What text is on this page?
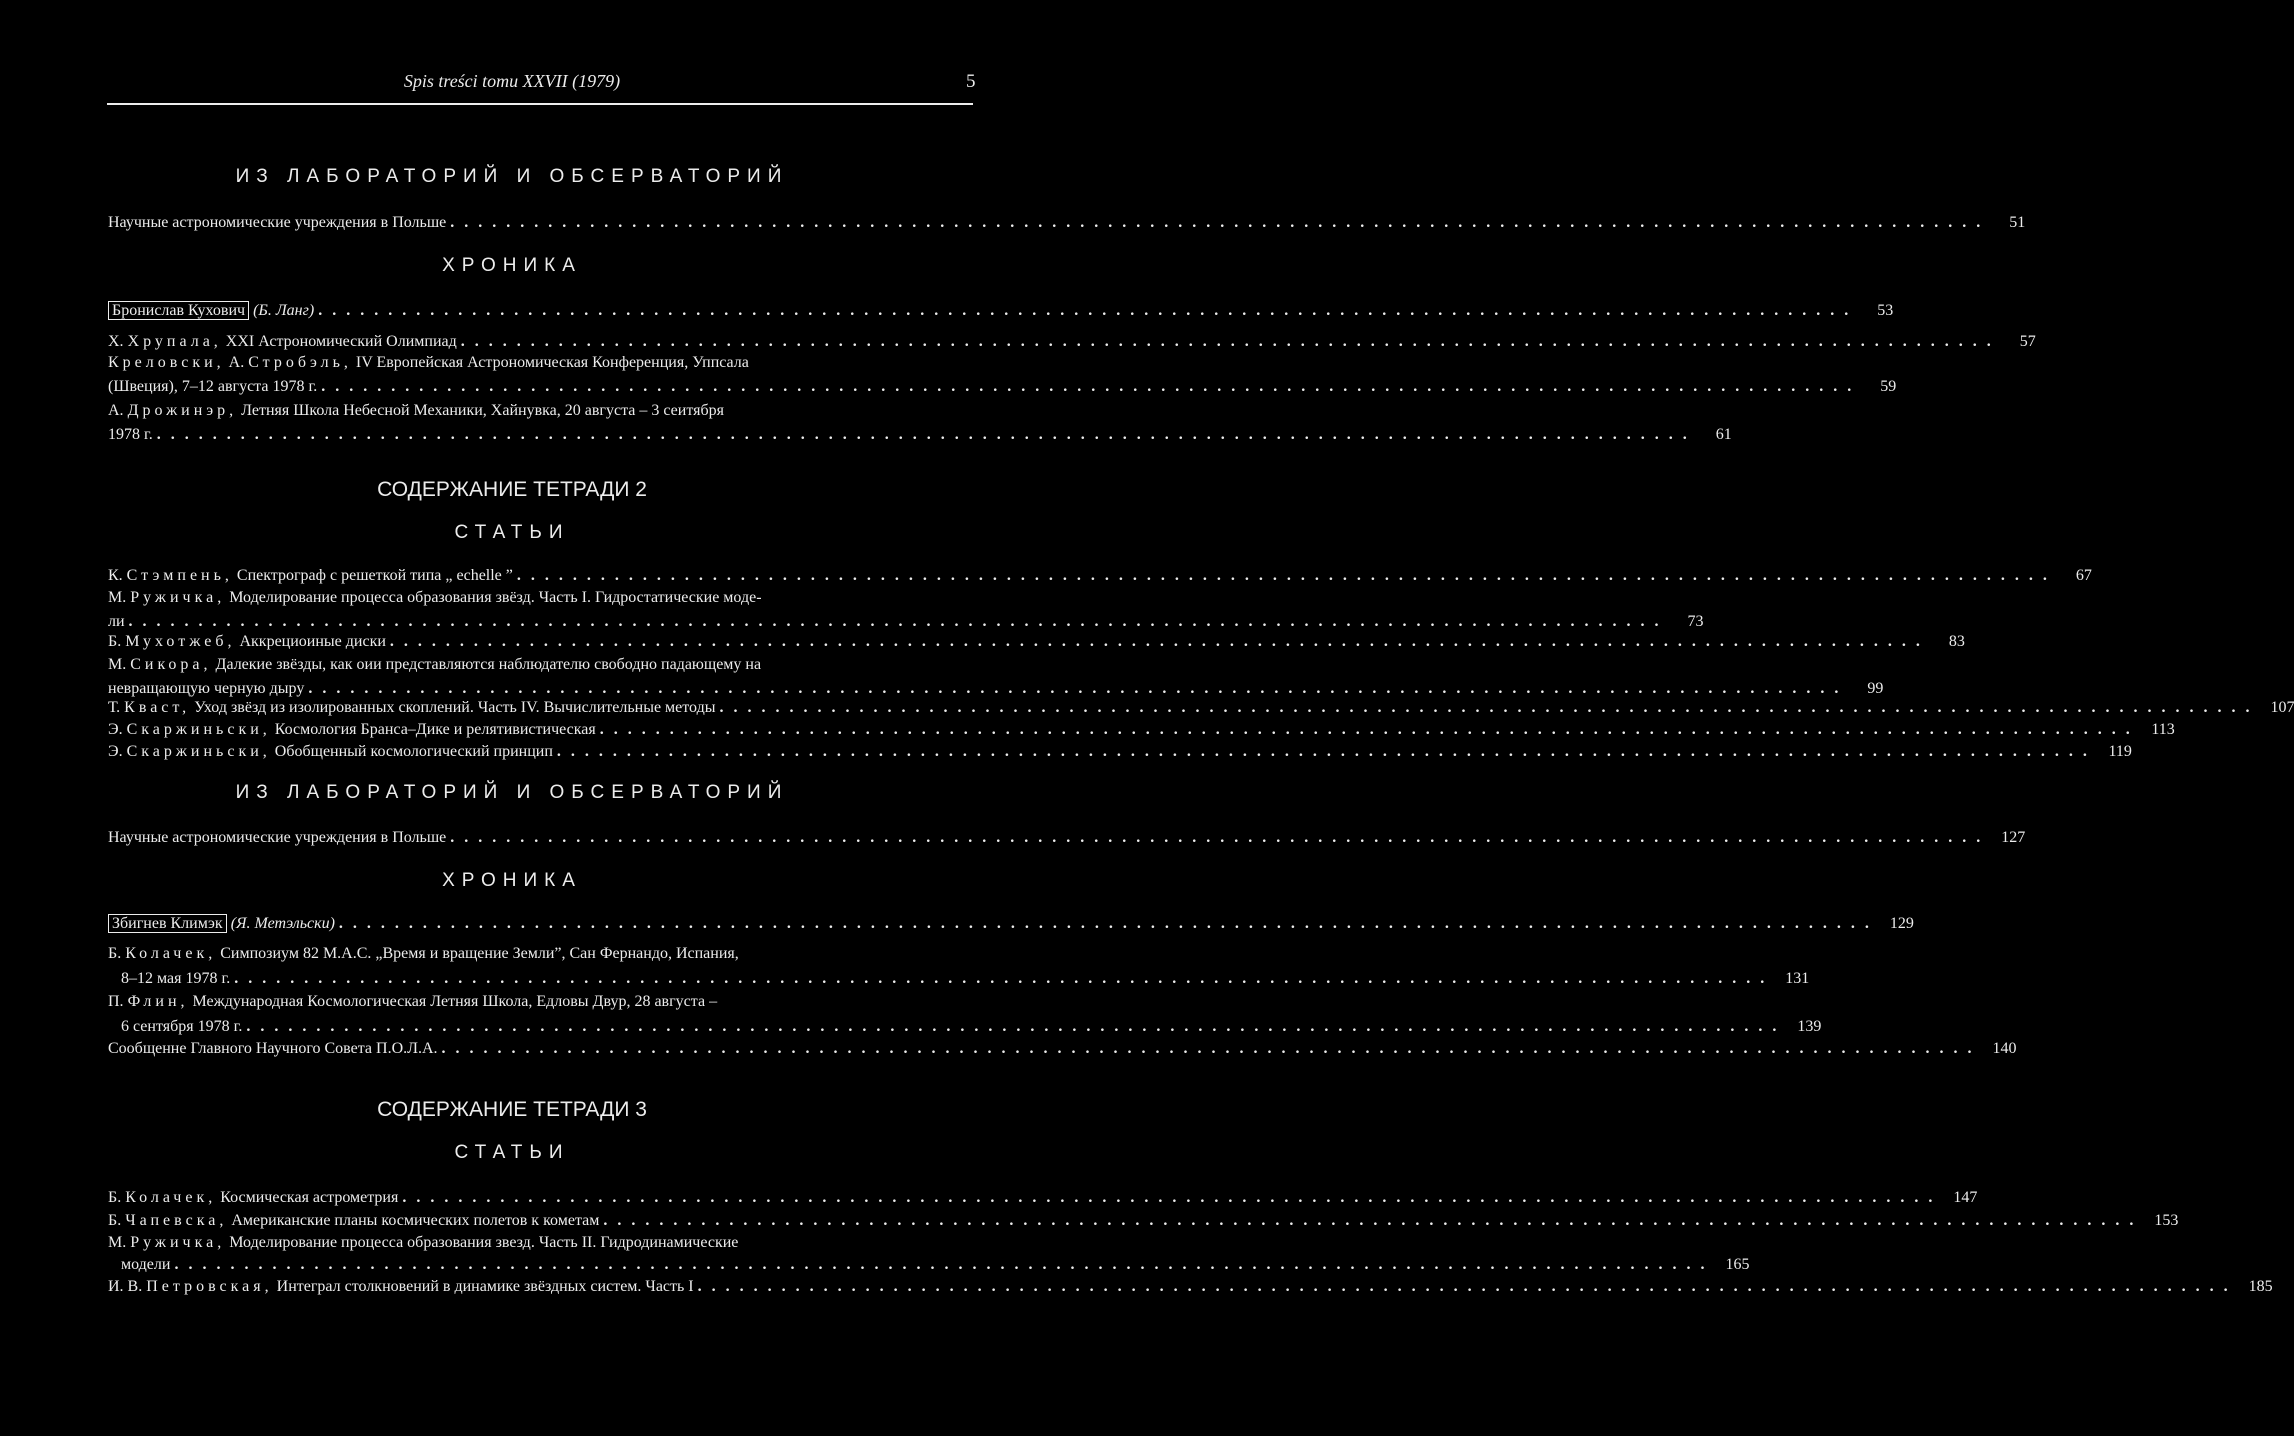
Spis treści tomu XXVII (1979)	5
ИЗ ЛАБОРАТОРИЙ И ОБСЕРВАТОРИЙ
Научные астрономические учреждения в Польше . . . . . . . . . . . . . . . . . . . . . . . . . . . . . . . . . . . . . . . . . . . . . . . . . . . . . . . . . . . . . . . . . . . . . . . . . . . . . . . . . . . . . . . . . . . . . . . . . . . . . . . . . . . . . .	51
ХРОНИКА
Бронислав Кухович (Б. Ланг) . . . . . . . . . . . . . . . . . . . . . . . . . . . . . . . . . . . . . . . . . . . . . . . . . . . . . . . . . . . . . . . . . . . . . . . . . . . . . . . . . . . . . . . . . . . . . . . . . . . . . . . . . . . . . .	53
Х. Хрупала, XXI Астрономический Олимпиад . . . . . . . . . . . . . . . . . . . . . . . . . . . . . . . . . . . . . . . . . . . . . . . . . . . . . . . . . . . . . . . . . . . . . . . . . . . . . . . . . . . . . . . . . . . . . . . . . . . . . . . . . . . . . .	57
Креловски, А. Стробэль, IV Европейская Астрономическая Конференция, Уппсала
(Швеция), 7–12 августа 1978 г. . . . . . . . . . . . . . . . . . . . . . . . . . . . . . . . . . . . . . . . . . . . . . . . . . . . . . . . . . . . . . . . . . . . . . . . . . . . . . . . . . . . . . . . . . . . . . . . . . . . . . . . . . . . . . .	59
А. Дрожинэр, Летняя Школа Небесной Механики, Хайнувка, 20 августа – 3 сеитября
1978 г. . . . . . . . . . . . . . . . . . . . . . . . . . . . . . . . . . . . . . . . . . . . . . . . . . . . . . . . . . . . . . . . . . . . . . . . . . . . . . . . . . . . . . . . . . . . . . . . . . . . . . . . . . . . . . .	61
СОДЕРЖАНИЕ ТЕТРАДИ 2
СТАТЬИ
К. Стэмпень, Спектрограф с решеткой типа „ echelle ” . . . . . . . . . . . . . . . . . . . . . . . . . . . . . . . . . . . . . . . . . . . . . . . . . . . . . . . . . . . . . . . . . . . . . . . . . . . . . . . . . . . . . . . . . . . . . . . . . . . . . . . . . . . . . .	67
М. Ружичка, Моделирование процесса образования звёзд. Часть I. Гидростатические моде-
ли . . . . . . . . . . . . . . . . . . . . . . . . . . . . . . . . . . . . . . . . . . . . . . . . . . . . . . . . . . . . . . . . . . . . . . . . . . . . . . . . . . . . . . . . . . . . . . . . . . . . . . . . . . . . . .	73
Б. Мухотжеб, Аккрециоиные диски . . . . . . . . . . . . . . . . . . . . . . . . . . . . . . . . . . . . . . . . . . . . . . . . . . . . . . . . . . . . . . . . . . . . . . . . . . . . . . . . . . . . . . . . . . . . . . . . . . . . . . . . . . . . . .	83
М. Сикора, Далекие звёзды, как оии представляются наблюдателю свободно падающему на
невращающую черную дыру . . . . . . . . . . . . . . . . . . . . . . . . . . . . . . . . . . . . . . . . . . . . . . . . . . . . . . . . . . . . . . . . . . . . . . . . . . . . . . . . . . . . . . . . . . . . . . . . . . . . . . . . . . . . . .	99
Т. Кваст, Уход звёзд из изолированных скоплений. Часть IV. Вычислительные методы . . . . . . . . . . . . . . . . . . . . . . . . . . . . . . . . . . . . . . . . . . . . . . . . . . . . . . . . . . . . . . . . . . . . . . . . . . . . . . . . . . . . . . . . . . . . . . . . . . . . . . . . . . . . . .	107
Э. Скаржиньски, Космология Бранса–Дике и релятивистическая . . . . . . . . . . . . . . . . . . . . . . . . . . . . . . . . . . . . . . . . . . . . . . . . . . . . . . . . . . . . . . . . . . . . . . . . . . . . . . . . . . . . . . . . . . . . . . . . . . . . . . . . . . . . . .	113
Э. Скаржиньски, Обобщенный космологический принцип . . . . . . . . . . . . . . . . . . . . . . . . . . . . . . . . . . . . . . . . . . . . . . . . . . . . . . . . . . . . . . . . . . . . . . . . . . . . . . . . . . . . . . . . . . . . . . . . . . . . . . . . . . . . . .	119
ИЗ ЛАБОРАТОРИЙ И ОБСЕРВАТОРИЙ
Научные астрономические учреждения в Польше . . . . . . . . . . . . . . . . . . . . . . . . . . . . . . . . . . . . . . . . . . . . . . . . . . . . . . . . . . . . . . . . . . . . . . . . . . . . . . . . . . . . . . . . . . . . . . . . . . . . . . . . . . . . . .	127
ХРОНИКА
Збигнев Климэк (Я. Метэльски) . . . . . . . . . . . . . . . . . . . . . . . . . . . . . . . . . . . . . . . . . . . . . . . . . . . . . . . . . . . . . . . . . . . . . . . . . . . . . . . . . . . . . . . . . . . . . . . . . . . . . . . . . . . . . .	129
Б. Колачек, Симпозиум 82 М.А.С. „Время и вращение Земли”, Сан Фернандо, Испания,
8–12 мая 1978 г. . . . . . . . . . . . . . . . . . . . . . . . . . . . . . . . . . . . . . . . . . . . . . . . . . . . . . . . . . . . . . . . . . . . . . . . . . . . . . . . . . . . . . . . . . . . . . . . . . . . . . . . . . . . . . .	131
П. Флин, Международная Космологическая Летняя Школа, Едловы Двур, 28 августа –
6 сентября 1978 г. . . . . . . . . . . . . . . . . . . . . . . . . . . . . . . . . . . . . . . . . . . . . . . . . . . . . . . . . . . . . . . . . . . . . . . . . . . . . . . . . . . . . . . . . . . . . . . . . . . . . . . . . . . . . . .	139
Сообщенне Главного Научного Совета П.О.Л.А. . . . . . . . . . . . . . . . . . . . . . . . . . . . . . . . . . . . . . . . . . . . . . . . . . . . . . . . . . . . . . . . . . . . . . . . . . . . . . . . . . . . . . . . . . . . . . . . . . . . . . . . . . . . . . .	140
СОДЕРЖАНИЕ ТЕТРАДИ 3
СТАТЬИ
Б. Колачек, Космическая астрометрия . . . . . . . . . . . . . . . . . . . . . . . . . . . . . . . . . . . . . . . . . . . . . . . . . . . . . . . . . . . . . . . . . . . . . . . . . . . . . . . . . . . . . . . . . . . . . . . . . . . . . . . . . . . . . .	147
Б. Чапевска, Американские планы космических полетов к кометам . . . . . . . . . . . . . . . . . . . . . . . . . . . . . . . . . . . . . . . . . . . . . . . . . . . . . . . . . . . . . . . . . . . . . . . . . . . . . . . . . . . . . . . . . . . . . . . . . . . . . . . . . . . . . .	153
М. Ружичка, Моделирование процесса образования звезд. Часть II. Гидродинамические
модели . . . . . . . . . . . . . . . . . . . . . . . . . . . . . . . . . . . . . . . . . . . . . . . . . . . . . . . . . . . . . . . . . . . . . . . . . . . . . . . . . . . . . . . . . . . . . . . . . . . . . . . . . . . . . .	165
И. В. Петровская, Интеграл столкновений в динамике звёздных систем. Часть I . . . . . . . . . . . . . . . . . . . . . . . . . . . . . . . . . . . . . . . . . . . . . . . . . . . . . . . . . . . . . . . . . . . . . . . . . . . . . . . . . . . . . . . . . . . . . . . . . . . . . . . . . . . . . .	185
